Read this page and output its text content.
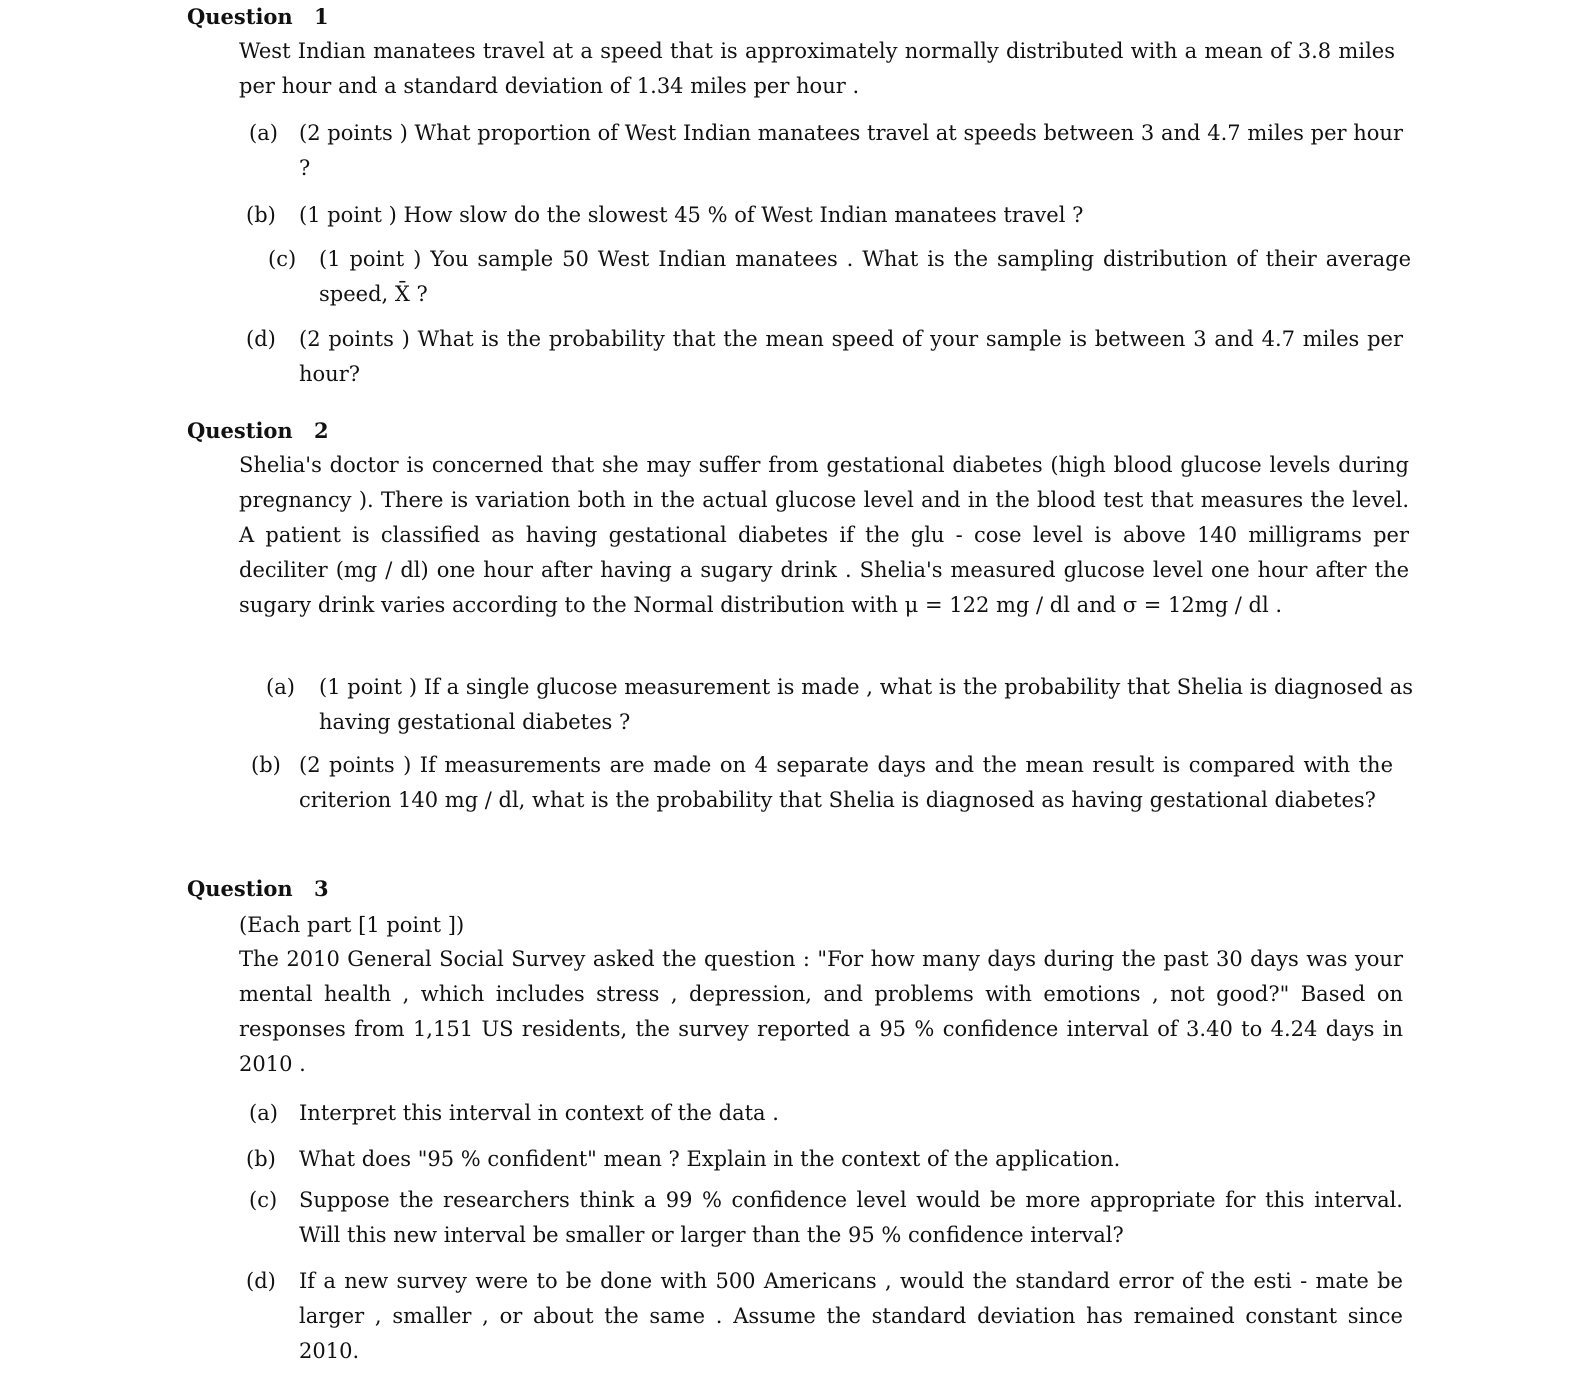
Question 1
West Indian manatees travel at a speed that is approximately normally distributed with a mean of 3.8 miles per hour and a standard deviation of 1.34 miles per hour .
(a) (2 points ) What proportion of West Indian manatees travel at speeds between 3 and 4.7 miles per hour ?
(b) (1 point ) How slow do the slowest 45 % of West Indian manatees travel ?
(c) (1 point ) You sample 50 West Indian manatees . What is the sampling distribution of their average speed, X̄ ?
(d) (2 points ) What is the probability that the mean speed of your sample is between 3 and 4.7 miles per hour?
Question 2
Shelia's doctor is concerned that she may suffer from gestational diabetes (high blood glucose levels during pregnancy ). There is variation both in the actual glucose level and in the blood test that measures the level. A patient is classified as having gestational diabetes if the glu - cose level is above 140 milligrams per deciliter (mg / dl) one hour after having a sugary drink . Shelia's measured glucose level one hour after the sugary drink varies according to the Normal distribution with μ = 122 mg / dl and σ = 12mg / dl .
(a) (1 point ) If a single glucose measurement is made , what is the probability that Shelia is diagnosed as having gestational diabetes ?
(b) (2 points ) If measurements are made on 4 separate days and the mean result is compared with the criterion 140 mg / dl, what is the probability that Shelia is diagnosed as having gestational diabetes?
Question 3
(Each part [1 point ])
The 2010 General Social Survey asked the question : "For how many days during the past 30 days was your mental health , which includes stress , depression, and problems with emotions , not good?" Based on responses from 1,151 US residents, the survey reported a 95 % confidence interval of 3.40 to 4.24 days in 2010 .
(a) Interpret this interval in context of the data .
(b) What does "95 % confident" mean ? Explain in the context of the application.
(c) Suppose the researchers think a 99 % confidence level would be more appropriate for this interval. Will this new interval be smaller or larger than the 95 % confidence interval?
(d) If a new survey were to be done with 500 Americans , would the standard error of the esti - mate be larger , smaller , or about the same . Assume the standard deviation has remained constant since 2010.
